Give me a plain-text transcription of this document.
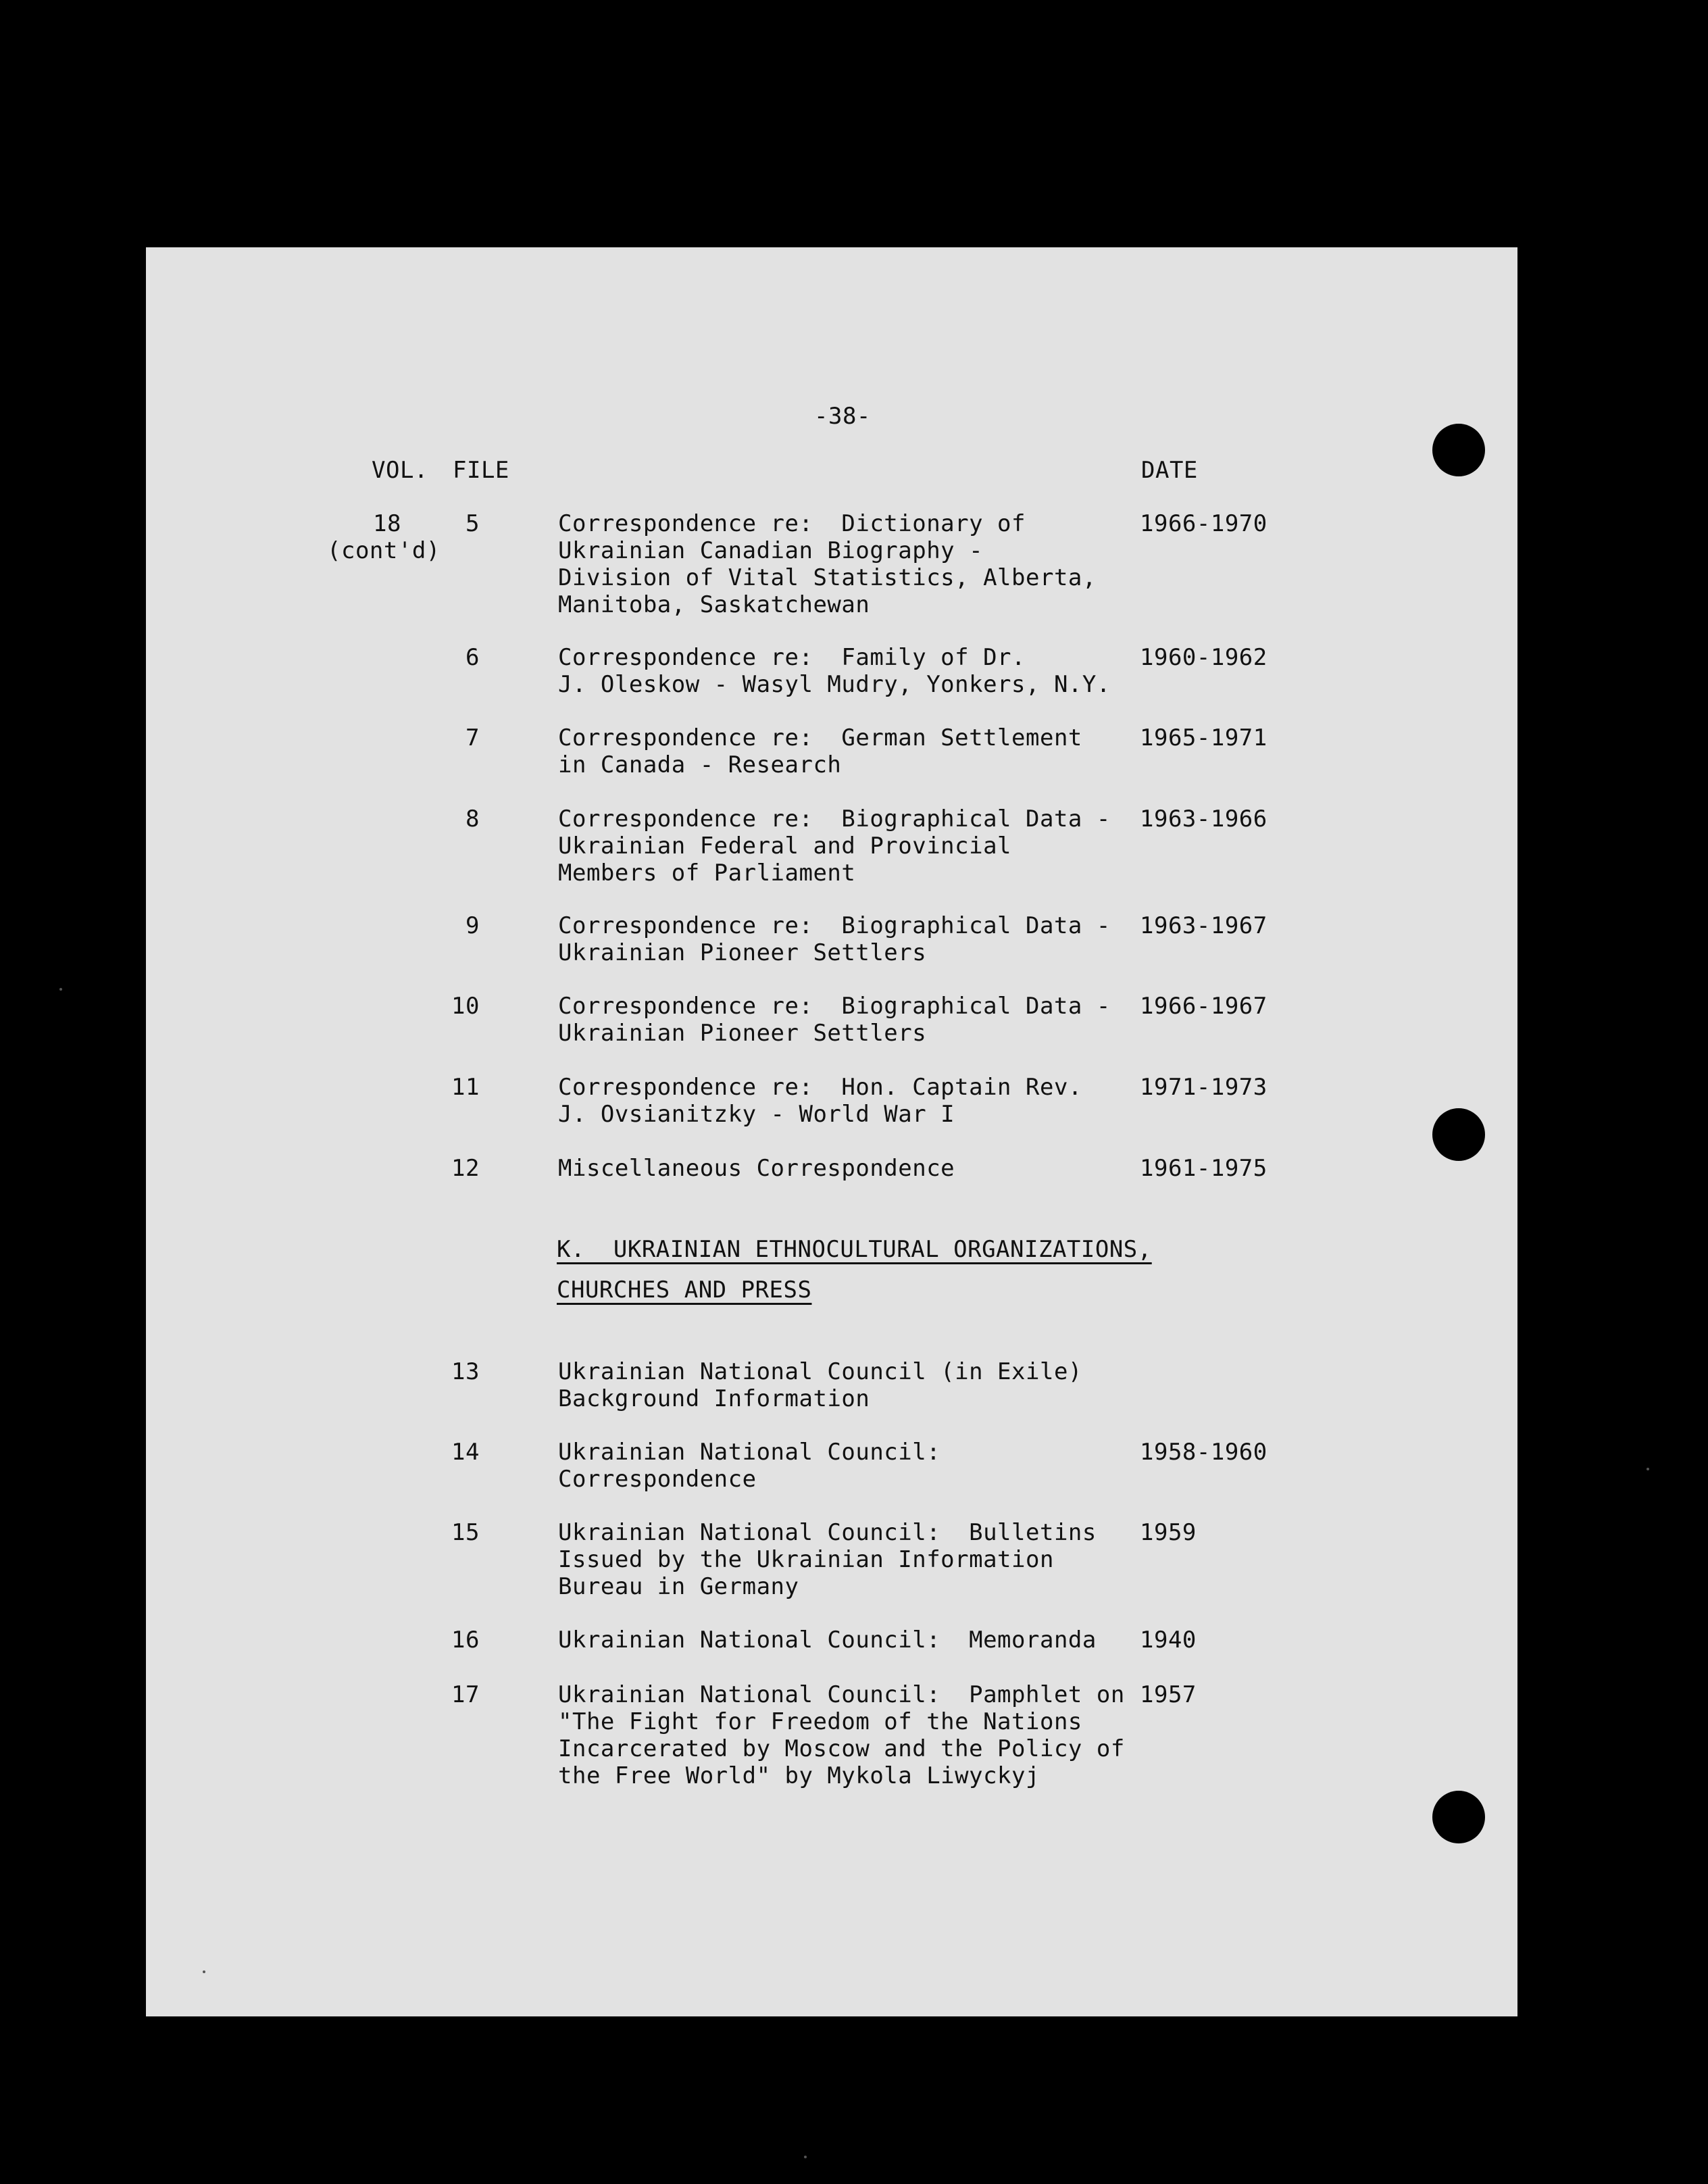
-38-
VOL. FILE	DATE
18
(cont'd)
5	Correspondence re:  Dictionary of
Ukrainian Canadian Biography -
Division of Vital Statistics, Alberta,
Manitoba, Saskatchewan
1966-1970
6	Correspondence re:  Family of Dr.
J. Oleskow - Wasyl Mudry, Yonkers, N.Y.
1960-1962
7	Correspondence re:  German Settlement
in Canada - Research
1965-1971
8	Correspondence re:  Biographical Data -
Ukrainian Federal and Provincial
Members of Parliament
1963-1966
9	Correspondence re:  Biographical Data -
Ukrainian Pioneer Settlers
1963-1967
10	Correspondence re:  Biographical Data -
Ukrainian Pioneer Settlers
1966-1967
11	Correspondence re:  Hon. Captain Rev.
J. Ovsianitzky - World War I
1971-1973
12	Miscellaneous Correspondence	1961-1975
K.  UKRAINIAN ETHNOCULTURAL ORGANIZATIONS,
CHURCHES AND PRESS
13	Ukrainian National Council (in Exile)
Background Information
14	Ukrainian National Council:
Correspondence
1958-1960
15	Ukrainian National Council:  Bulletins
Issued by the Ukrainian Information
Bureau in Germany
1959
16	Ukrainian National Council:  Memoranda 1940
17	Ukrainian National Council:  Pamphlet on
"The Fight for Freedom of the Nations
Incarcerated by Moscow and the Policy of
the Free World" by Mykola Liwyckyj
1957
